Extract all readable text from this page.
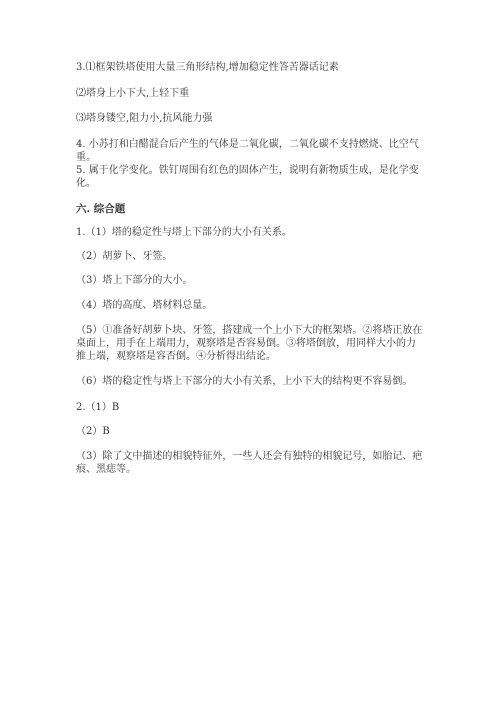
3.⑴框架铁塔使用大量三角形结构,增加稳定性答苦器话记素
⑵塔身上小下大,上轻下重
⑶塔身镂空,阻力小,抗风能力强
4. 小苏打和白醋混合后产生的气体是二氧化碳，二氧化碳不支持燃烧、比空气
重。
5. 属于化学变化。铁钉周围有红色的固体产生，说明有新物质生成，是化学变
化。
六. 综合题
1.（1）塔的稳定性与塔上下部分的大小有关系。
（2）胡萝卜、牙签。
（3）塔上下部分的大小。
（4）塔的高度、塔材料总量。
（5）①准备好胡萝卜块、牙签，搭建成一个上小下大的框架塔。②将塔正放在
桌面上，用手在上端用力，观察塔是否容易倒。③将塔倒放，用同样大小的力
推上端，观察塔是容否倒。④分析得出结论。
（6）塔的稳定性与塔上下部分的大小有关系，上小下大的结构更不容易倒。
2.（1）B
（2）B
（3）除了文中描述的相貌特征外，一些人还会有独特的相貌记号，如胎记、疤
痕、黑痣等。
